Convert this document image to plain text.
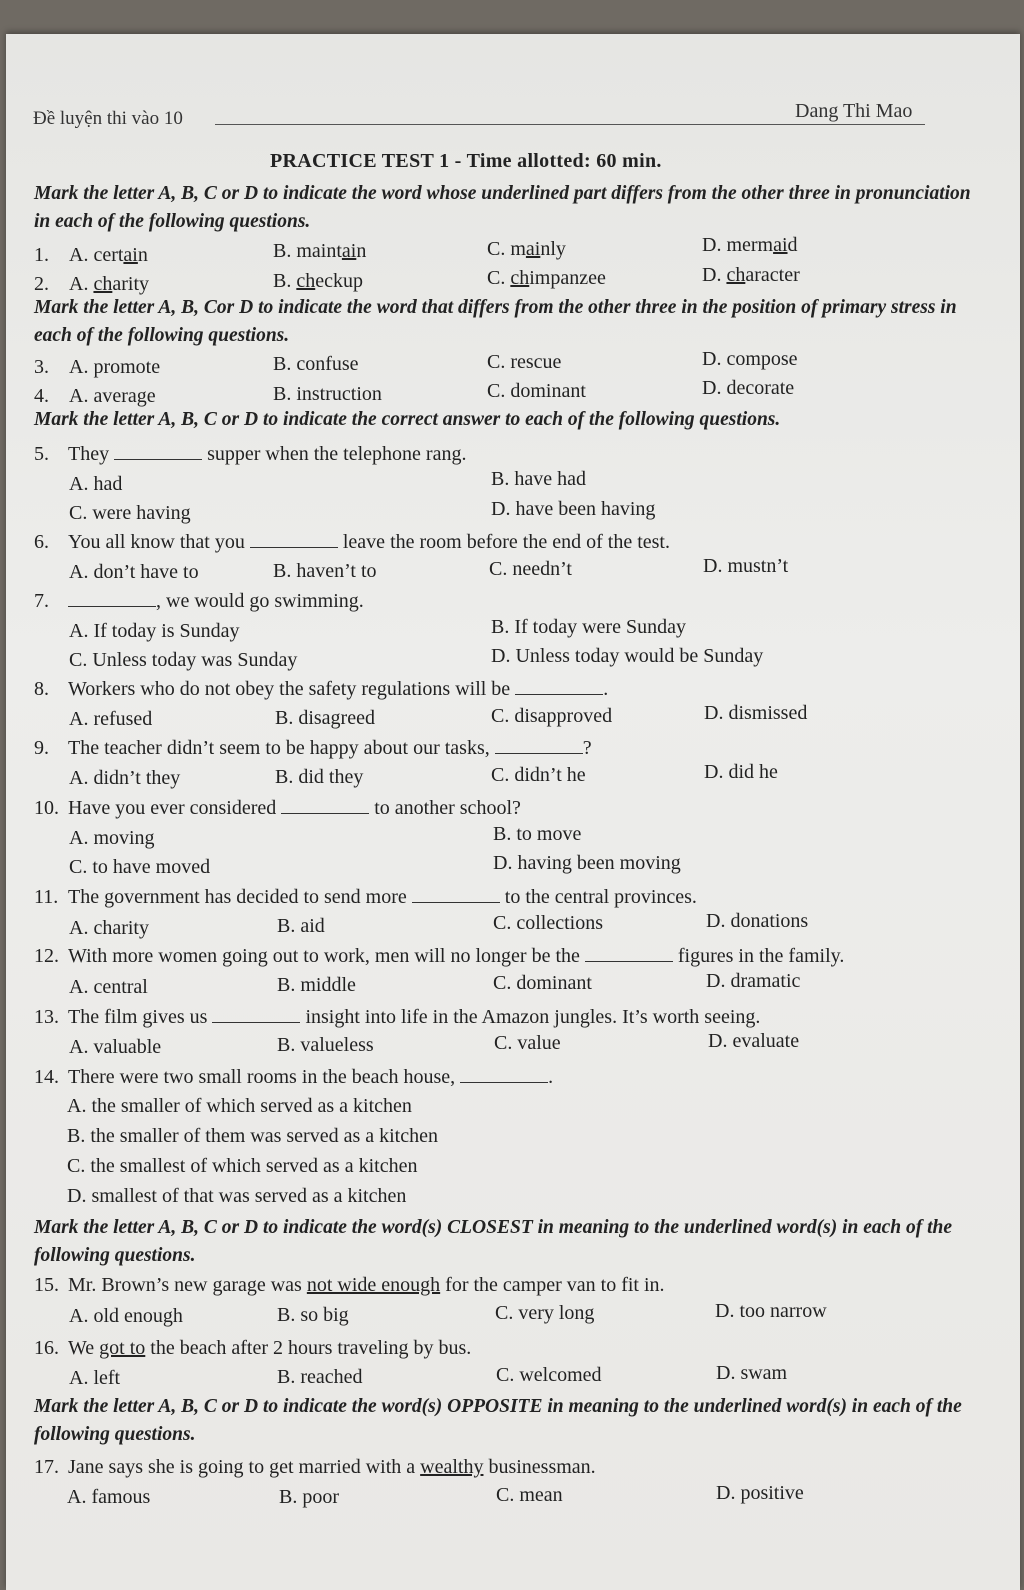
Đề luyện thi vào 10	Dang Thi Mao
PRACTICE TEST 1 - Time allotted: 60 min.
Mark the letter A, B, C or D to indicate the word whose underlined part differs from the other three in pronunciation in each of the following questions.
1.	A. certain	B. maintain	C. mainly	D. mermaid
2.	A. charity	B. checkup	C. chimpanzee	D. character
Mark the letter A, B, Cor D to indicate the word that differs from the other three in the position of primary stress in each of the following questions.
3.	A. promote	B. confuse	C. rescue	D. compose
4.	A. average	B. instruction	C. dominant	D. decorate
Mark the letter A, B, C or D to indicate the correct answer to each of the following questions.
5. They	supper when the telephone rang.
A. had	B. have had
C. were having	D. have been having
6. You all know that you	leave the room before the end of the test.
A. don’t have to	B. haven’t to	C. needn’t	D. mustn’t
7.	, we would go swimming.
A. If today is Sunday	B. If today were Sunday
C. Unless today was Sunday	D. Unless today would be Sunday
8. Workers who do not obey the safety regulations will be	.
A. refused	B. disagreed	C. disapproved	D. dismissed
9. The teacher didn’t seem to be happy about our tasks,	?
A. didn’t they	B. did they	C. didn’t he	D. did he
10. Have you ever considered	to another school?
A. moving	B. to move
C. to have moved	D. having been moving
11. The government has decided to send more	to the central provinces.
A. charity	B. aid	C. collections	D. donations
12. With more women going out to work, men will no longer be the	figures in the family.
A. central	B. middle	C. dominant	D. dramatic
13. The film gives us	insight into life in the Amazon jungles. It’s worth seeing.
A. valuable	B. valueless	C. value	D. evaluate
14. There were two small rooms in the beach house,	.
A. the smaller of which served as a kitchen
B. the smaller of them was served as a kitchen
C. the smallest of which served as a kitchen
D. smallest of that was served as a kitchen
Mark the letter A, B, C or D to indicate the word(s) CLOSEST in meaning to the underlined word(s) in each of the following questions.
15. Mr. Brown’s new garage was not wide enough for the camper van to fit in.
A. old enough	B. so big	C. very long	D. too narrow
16. We got to the beach after 2 hours traveling by bus.
A. left	B. reached	C. welcomed	D. swam
Mark the letter A, B, C or D to indicate the word(s) OPPOSITE in meaning to the underlined word(s) in each of the following questions.
17. Jane says she is going to get married with a wealthy businessman.
A. famous	B. poor	C. mean	D. positive
